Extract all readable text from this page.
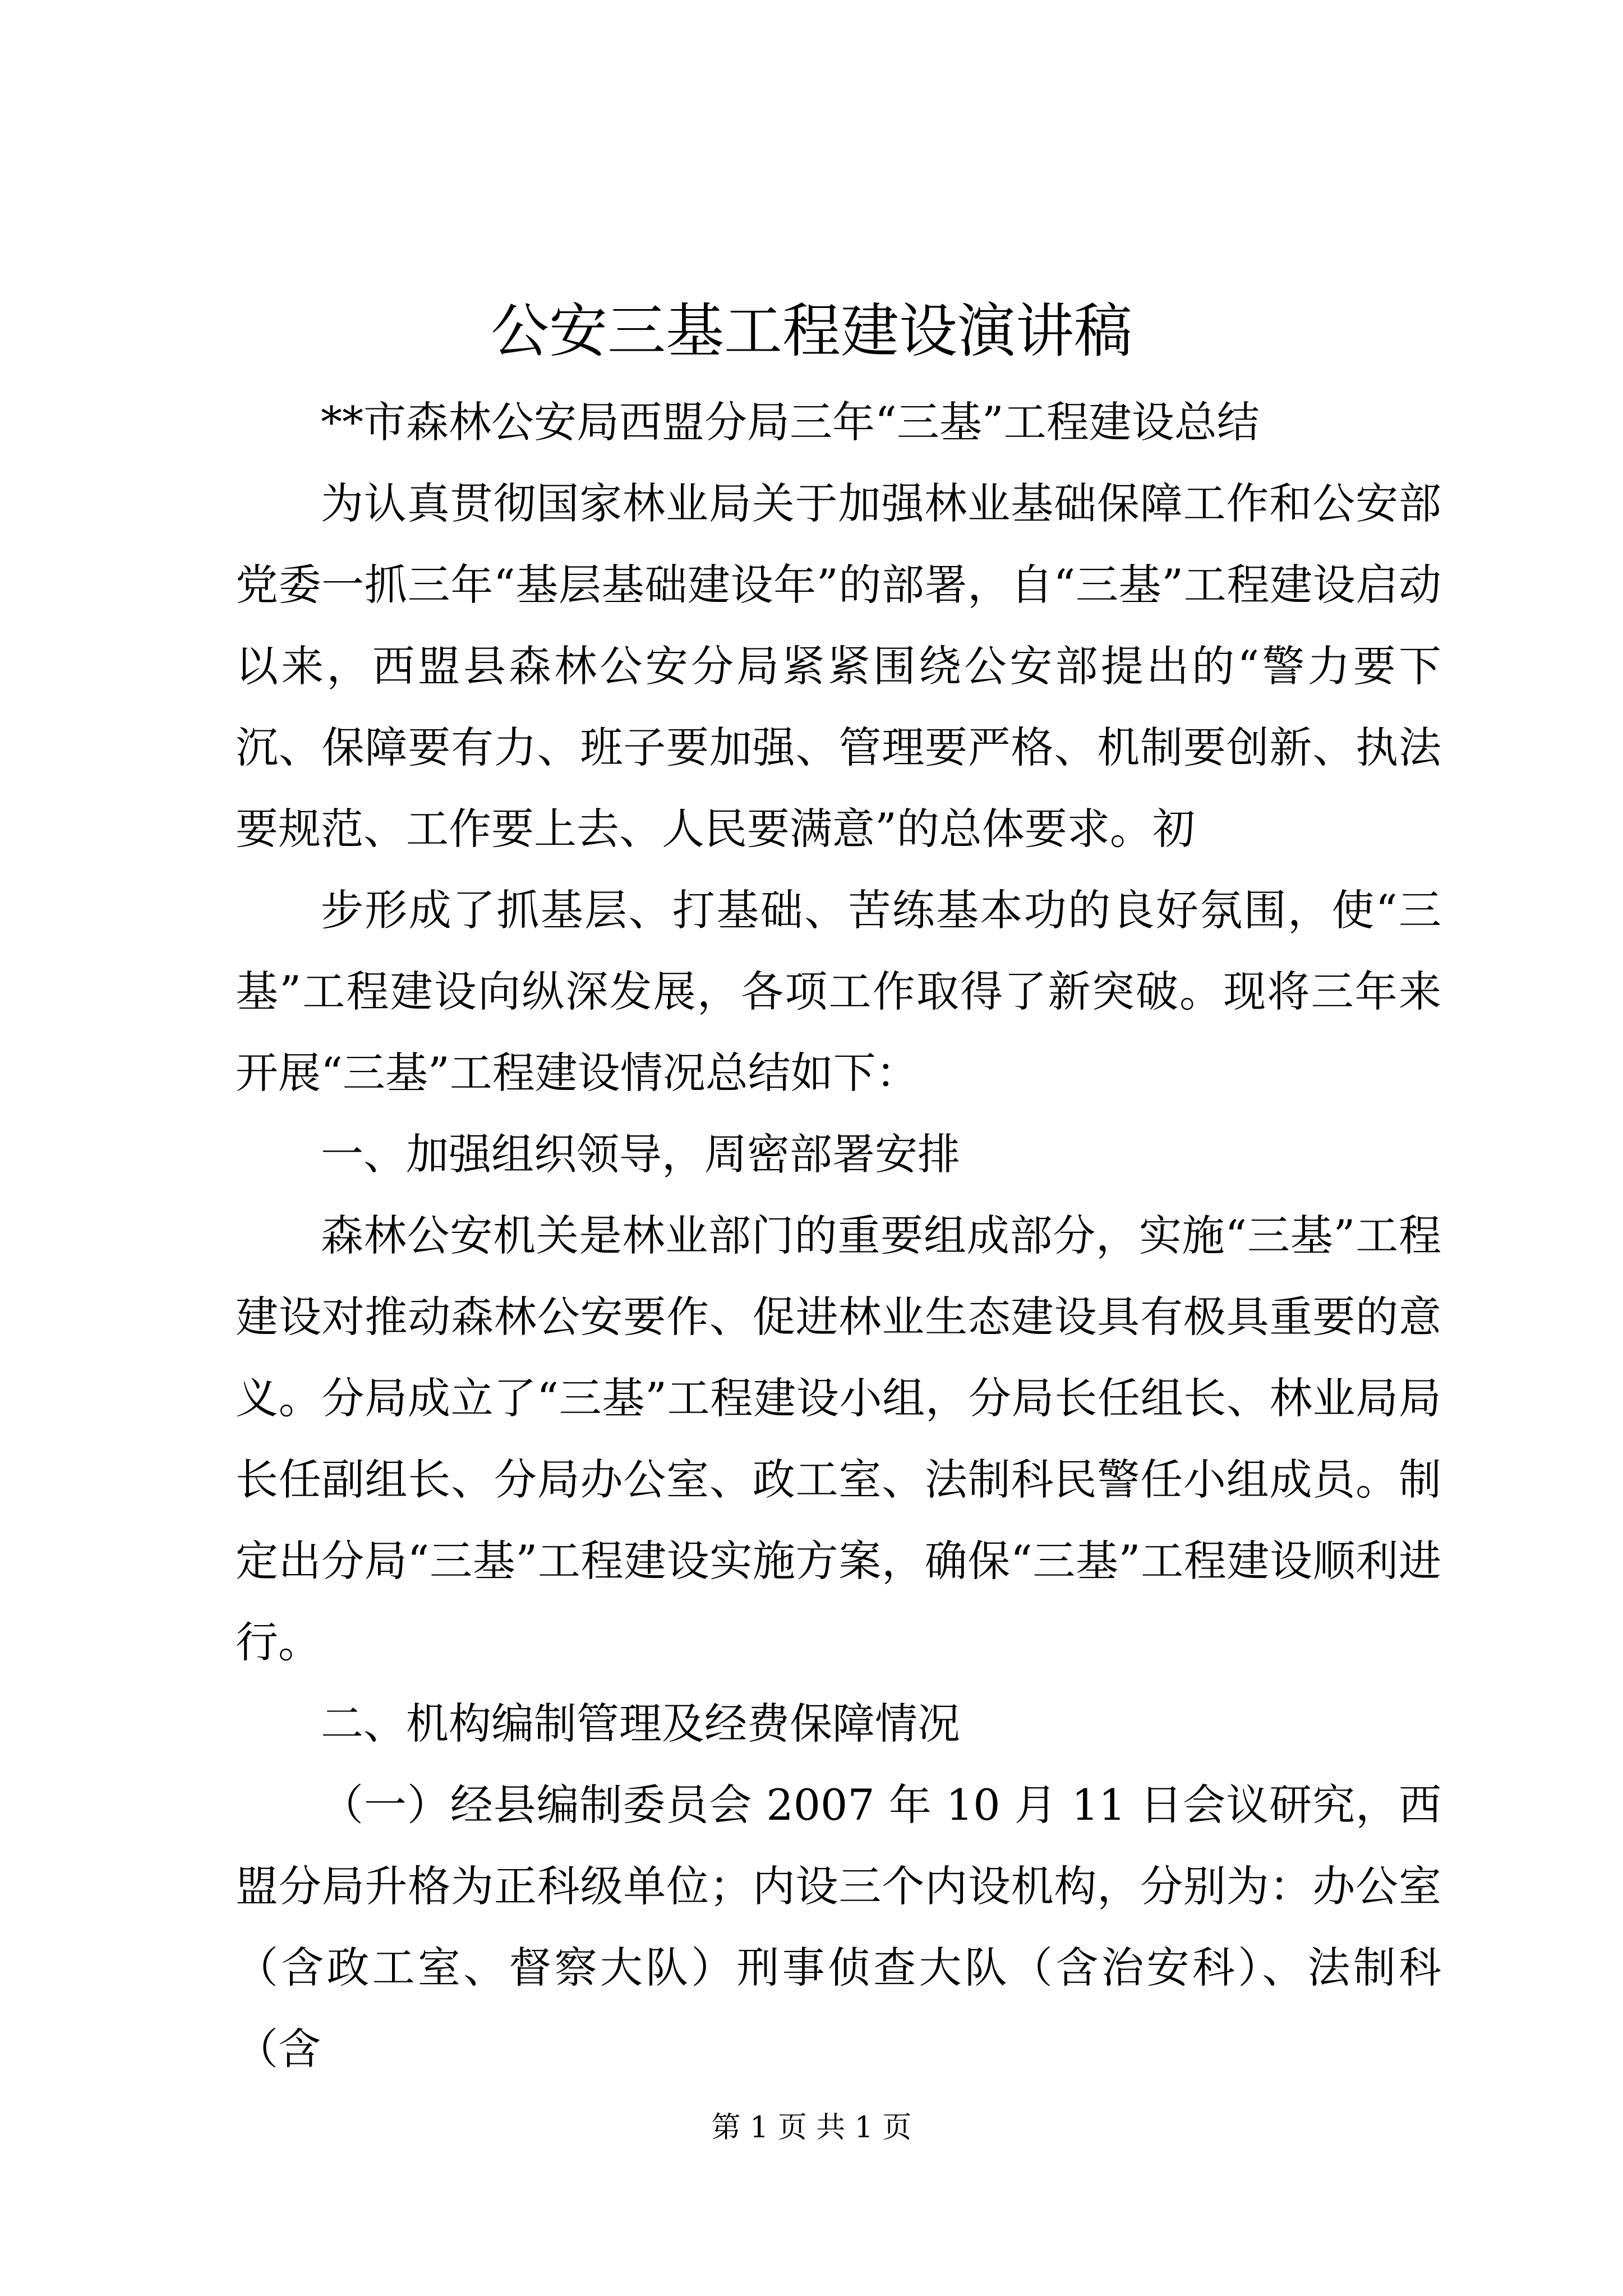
公安三基工程建设演讲稿

**市森林公安局西盟分局三年“三基”工程建设总结

为认真贯彻国家林业局关于加强林业基础保障工作和公安部党委一抓三年“基层基础建设年”的部署，自“三基”工程建设启动以来，西盟县森林公安分局紧紧围绕公安部提出的“警力要下沉、保障要有力、班子要加强、管理要严格、机制要创新、执法要规范、工作要上去、人民要满意”的总体要求。初

步形成了抓基层、打基础、苦练基本功的良好氛围，使“三基”工程建设向纵深发展，各项工作取得了新突破。现将三年来开展“三基”工程建设情况总结如下：

一、加强组织领导，周密部署安排

森林公安机关是林业部门的重要组成部分，实施“三基”工程建设对推动森林公安要作、促进林业生态建设具有极具重要的意义。分局成立了“三基”工程建设小组，分局长任组长、林业局局长任副组长、分局办公室、政工室、法制科民警任小组成员。制定出分局“三基”工程建设实施方案，确保“三基”工程建设顺利进行。

二、机构编制管理及经费保障情况

（一）经县编制委员会 2007 年 10 月 11 日会议研究，西盟分局升格为正科级单位；内设三个内设机构，分别为：办公室（含政工室、督察大队）刑事侦查大队（含治安科）、法制科（含

第 1 页 共 1 页
